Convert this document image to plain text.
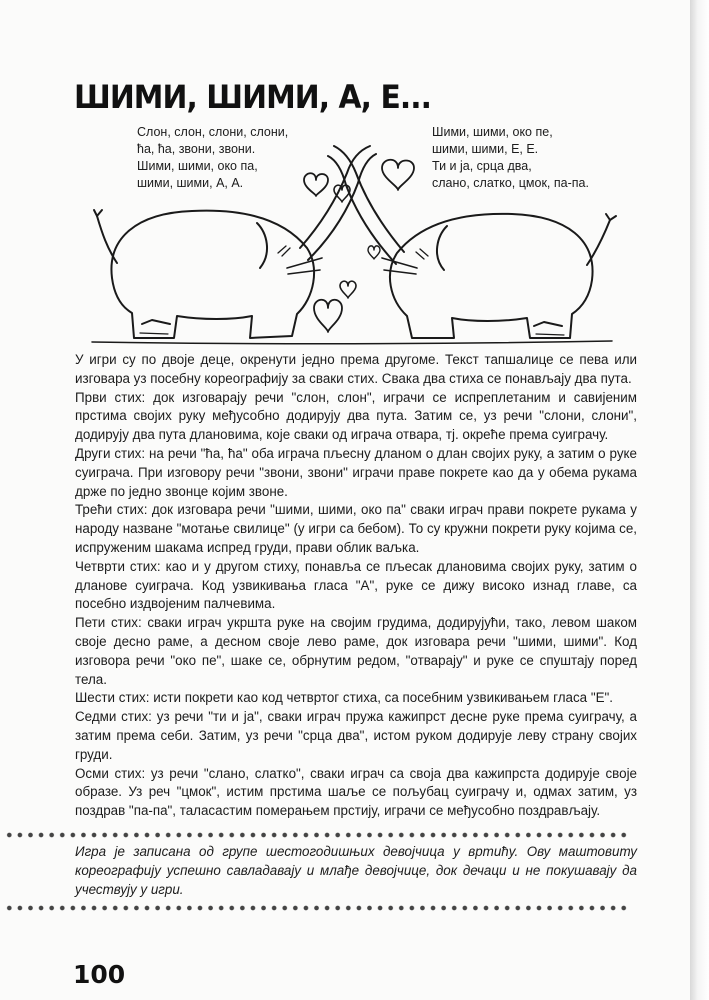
ШИМИ, ШИМИ, А, Е...
Слон, слон, слони, слони,
ћа, ћа, звони, звони.
Шими, шими, око па,
шими, шими, А, А.
Шими, шими, око пе,
шими, шими, Е, Е.
Ти и ја, срца два,
слано, слатко, цмок, па-па.

У игри су по двоје деце, окренути једно према другоме. Текст тапшалице се пева или изговара уз посебну кореографију за сваки стих. Свака два стиха се понављају два пута.

Први стих: док изговарају речи "слон, слон", играчи се испреплетаним и савијеним прстима својих руку међусобно додирују два пута. Затим се, уз речи "слони, слони", додирују два пута длановима, које сваки од играча отвара, тј. окреће према суиграчу.

Други стих: на речи "ћа, ћа" оба играча пљесну дланом о длан својих руку, а затим о руке суиграча. При изговору речи "звони, звони" играчи праве покрете као да у обема рукама држе по једно звонце којим звоне.

Трећи стих: док изговара речи "шими, шими, око па" сваки играч прави покрете рукама у народу назване "мотање свилице" (у игри са бебом). То су кружни покрети руку којима се, испруженим шакама испред груди, прави облик ваљка.

Четврти стих: као и у другом стиху, понавља се пљесак длановима својих руку, затим о дланове суиграча. Код узвикивања гласа "А", руке се дижу високо изнад главе, са посебно издвојеним палчевима.

Пети стих: сваки играч укршта руке на својим грудима, додирујући, тако, левом шаком своје десно раме, а десном своје лево раме, док изговара речи "шими, шими". Код изговора речи "око пе", шаке се, обрнутим редом, "отварају" и руке се спуштају поред тела.

Шести стих: исти покрети као код четвртог стиха, са посебним узвикивањем гласа "Е".

Седми стих: уз речи "ти и ја", сваки играч пружа кажипрст десне руке према суиграчу, а затим према себи. Затим, уз речи "срца два", истом руком додирује леву страну својих груди.

Осми стих: уз речи "слано, слатко", сваки играч са своја два кажипрста додирује своје образе. Уз реч "цмок", истим прстима шаље се пољубац суиграчу и, одмах затим, уз поздрав "па-па", таласастим померањем прстију, играчи се међусобно поздрављају.

Игра је записана од групе шестогодишњих девојчица у вртићу. Ову маштовиту кореографију успешно савладавају и млађе девојчице, док дечаци и не покушавају да учествују у игри.

100
